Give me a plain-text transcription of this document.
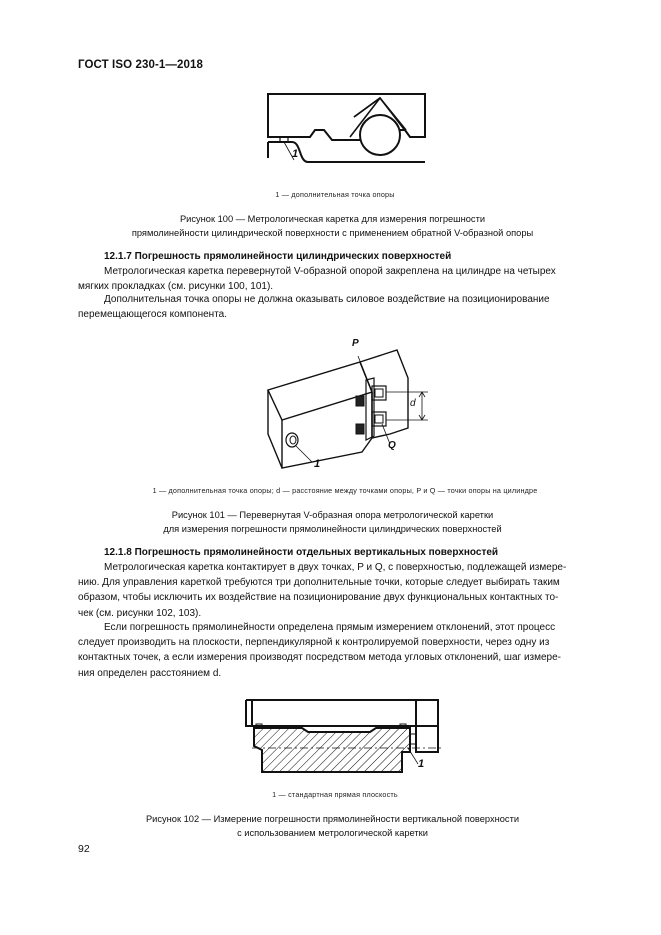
ГОСТ ISO 230-1—2018
1
1 — дополнительная точка опоры
Рисунок 100 — Метрологическая каретка для измерения погрешности
прямолинейности цилиндрической поверхности с применением обратной V-образной опоры
12.1.7 Погрешность прямолинейности цилиндрических поверхностей
Метрологическая каретка перевернутой V-образной опорой закреплена на цилиндре на четырех
мягких прокладках (см. рисунки 100, 101).
Дополнительная точка опоры не должна оказывать силовое воздействие на позиционирование
перемещающегося компонента.
P
Q
d
1
1 — дополнительная точка опоры; d — расстояние между точками опоры, P и Q — точки опоры на цилиндре
Рисунок 101 — Перевернутая V-образная опора метрологической каретки
для измерения погрешности прямолинейности цилиндрических поверхностей
12.1.8 Погрешность прямолинейности отдельных вертикальных поверхностей
Метрологическая каретка контактирует в двух точках, P и Q, с поверхностью, подлежащей измере-
нию. Для управления кареткой требуются три дополнительные точки, которые следует выбирать таким
образом, чтобы исключить их воздействие на позиционирование двух функциональных контактных то-
чек (см. рисунки 102, 103).
Если погрешность прямолинейности определена прямым измерением отклонений, этот процесс
следует производить на плоскости, перпендикулярной к контролируемой поверхности, через одну из
контактных точек, а если измерения производят посредством метода угловых отклонений, шаг измере-
ния определен расстоянием d.
1
1 — стандартная прямая плоскость
Рисунок 102 — Измерение погрешности прямолинейности вертикальной поверхности
с использованием метрологической каретки
92
